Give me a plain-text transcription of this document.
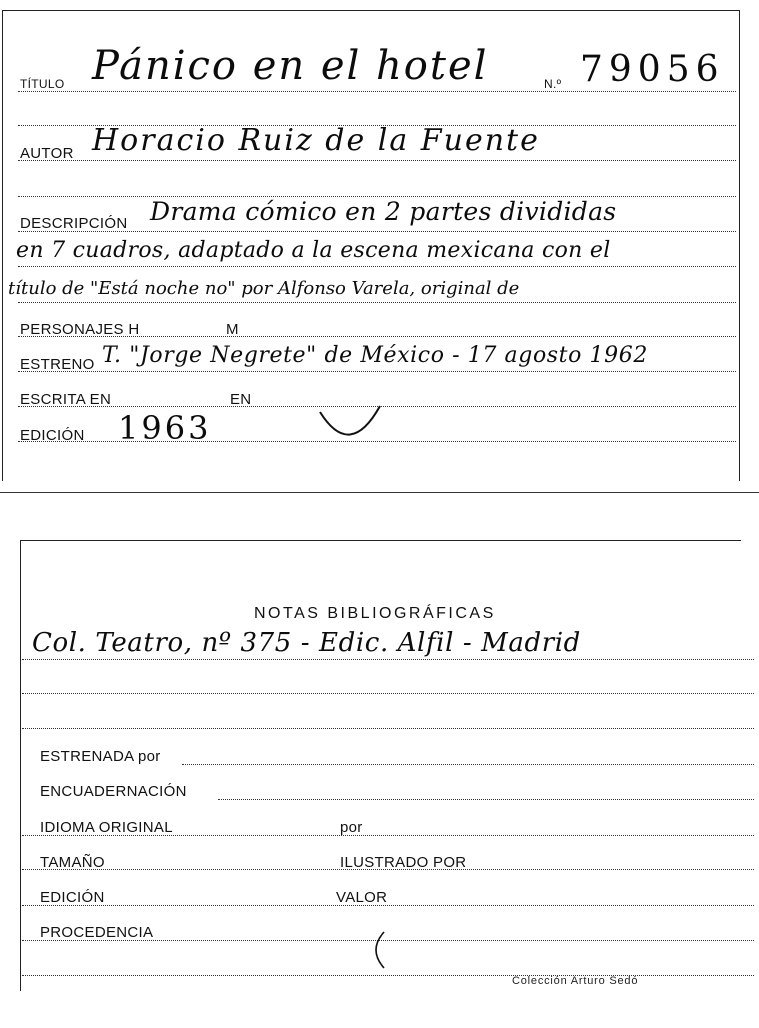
TÍTULO Pánico en el hotel	N.º 79056
AUTOR Horacio Ruiz de la Fuente
DESCRIPCIÓN Drama cómico en 2 partes divididas
en 7 cuadros, adaptado a la escena mexicana con el
título de "Está noche no" por Alfonso Varela, original de
PERSONAJES H	M
ESTRENO T. "Jorge Negrete" de México - 17 agosto 1962
ESCRITA EN	EN
EDICIÓN 1963
NOTAS BIBLIOGRÁFICAS
Col. Teatro, nº 375 - Edic. Alfil - Madrid
ESTRENADA por
ENCUADERNACIÓN
IDIOMA ORIGINAL	por
TAMAÑO	ILUSTRADO POR
EDICIÓN	VALOR
PROCEDENCIA
Colección Arturo Sedó
